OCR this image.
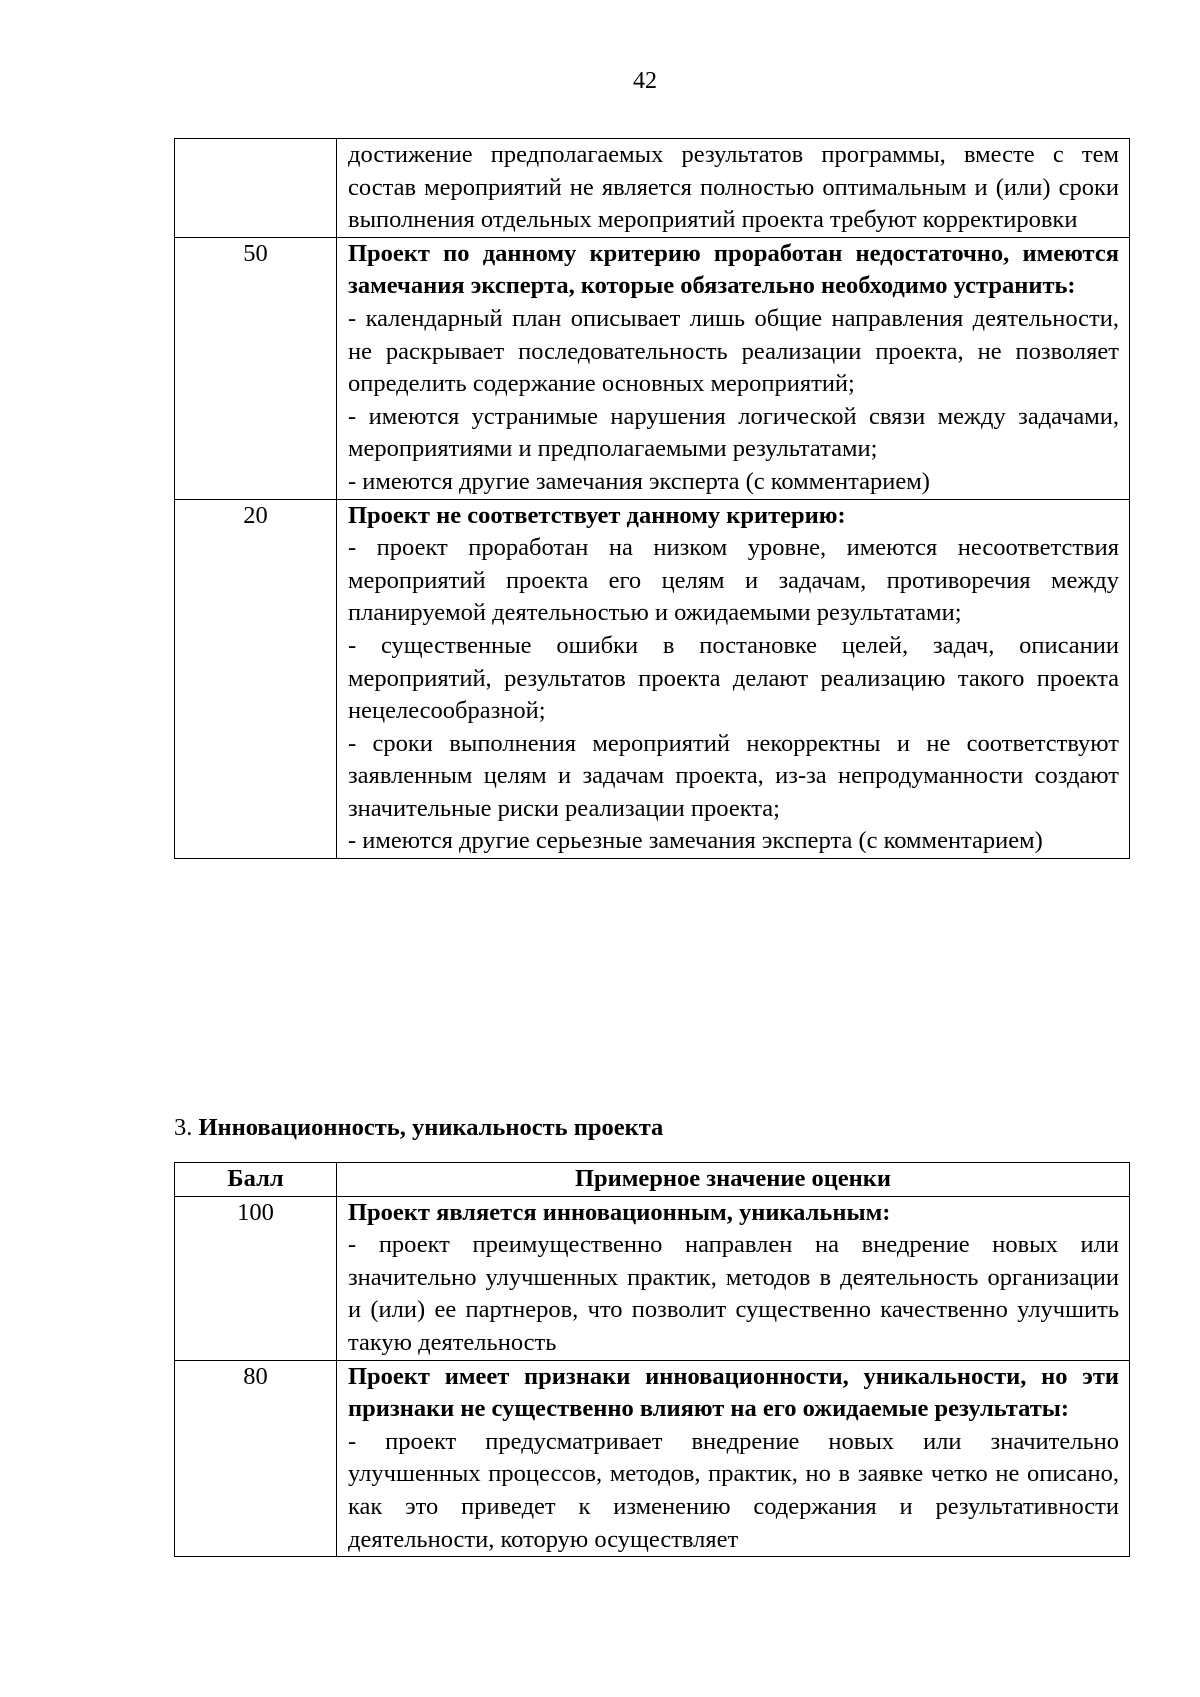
42

	достижение предполагаемых результатов программы, вместе с тем состав мероприятий не является полностью оптимальным и (или) сроки выполнения отдельных мероприятий проекта требуют корректировки

50	Проект по данному критерию проработан недостаточно, имеются замечания эксперта, которые обязательно необходимо устранить:

- календарный план описывает лишь общие направления деятельности, не раскрывает последовательность реализации проекта, не позволяет определить содержание основных мероприятий;

- имеются устранимые нарушения логической связи между задачами, мероприятиями и предполагаемыми результатами;

- имеются другие замечания эксперта (с комментарием)

20	Проект не соответствует данному критерию:

- проект проработан на низком уровне, имеются несоответствия мероприятий проекта его целям и задачам, противоречия между планируемой деятельностью и ожидаемыми результатами;

- существенные ошибки в постановке целей, задач, описании мероприятий, результатов проекта делают реализацию такого проекта нецелесообразной;

- сроки выполнения мероприятий некорректны и не соответствуют заявленным целям и задачам проекта, из-за непродуманности создают значительные риски реализации проекта;

- имеются другие серьезные замечания эксперта (с комментарием)

3. Инновационность, уникальность проекта
Балл	Примерное значение оценки
100	Проект является инновационным, уникальным:

- проект преимущественно направлен на внедрение новых или значительно улучшенных практик, методов в деятельность организации и (или) ее партнеров, что позволит существенно качественно улучшить такую деятельность

80	Проект имеет признаки инновационности, уникальности, но эти признаки не существенно влияют на его ожидаемые результаты:

- проект предусматривает внедрение новых или значительно улучшенных процессов, методов, практик, но в заявке четко не описано, как это приведет к изменению содержания и результативности деятельности, которую осуществляет
